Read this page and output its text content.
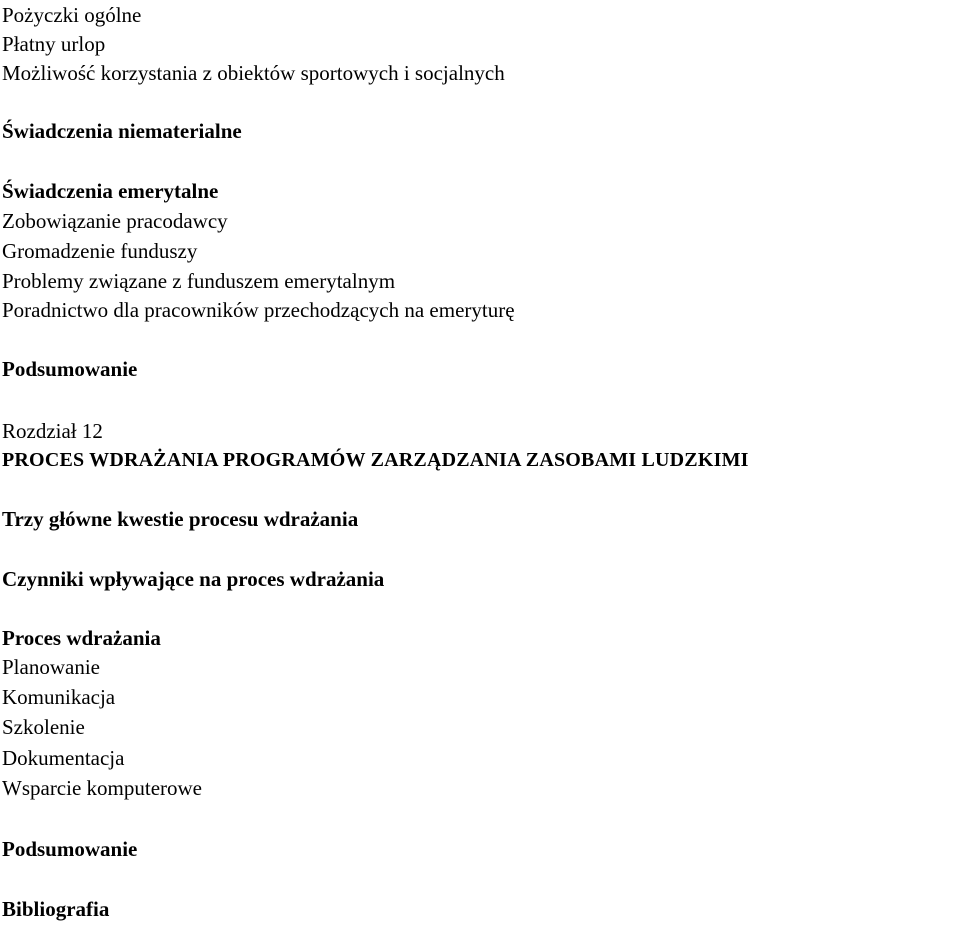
Pożyczki ogólne
Płatny urlop
Możliwość korzystania z obiektów sportowych i socjalnych
Świadczenia niematerialne
Świadczenia emerytalne
Zobowiązanie pracodawcy
Gromadzenie funduszy
Problemy związane z funduszem emerytalnym
Poradnictwo dla pracowników przechodzących na emeryturę
Podsumowanie
Rozdział 12
PROCES WDRAŻANIA PROGRAMÓW ZARZĄDZANIA ZASOBAMI LUDZKIMI
Trzy główne kwestie procesu wdrażania
Czynniki wpływające na proces wdrażania
Proces wdrażania
Planowanie
Komunikacja
Szkolenie
Dokumentacja
Wsparcie komputerowe
Podsumowanie
Bibliografia
